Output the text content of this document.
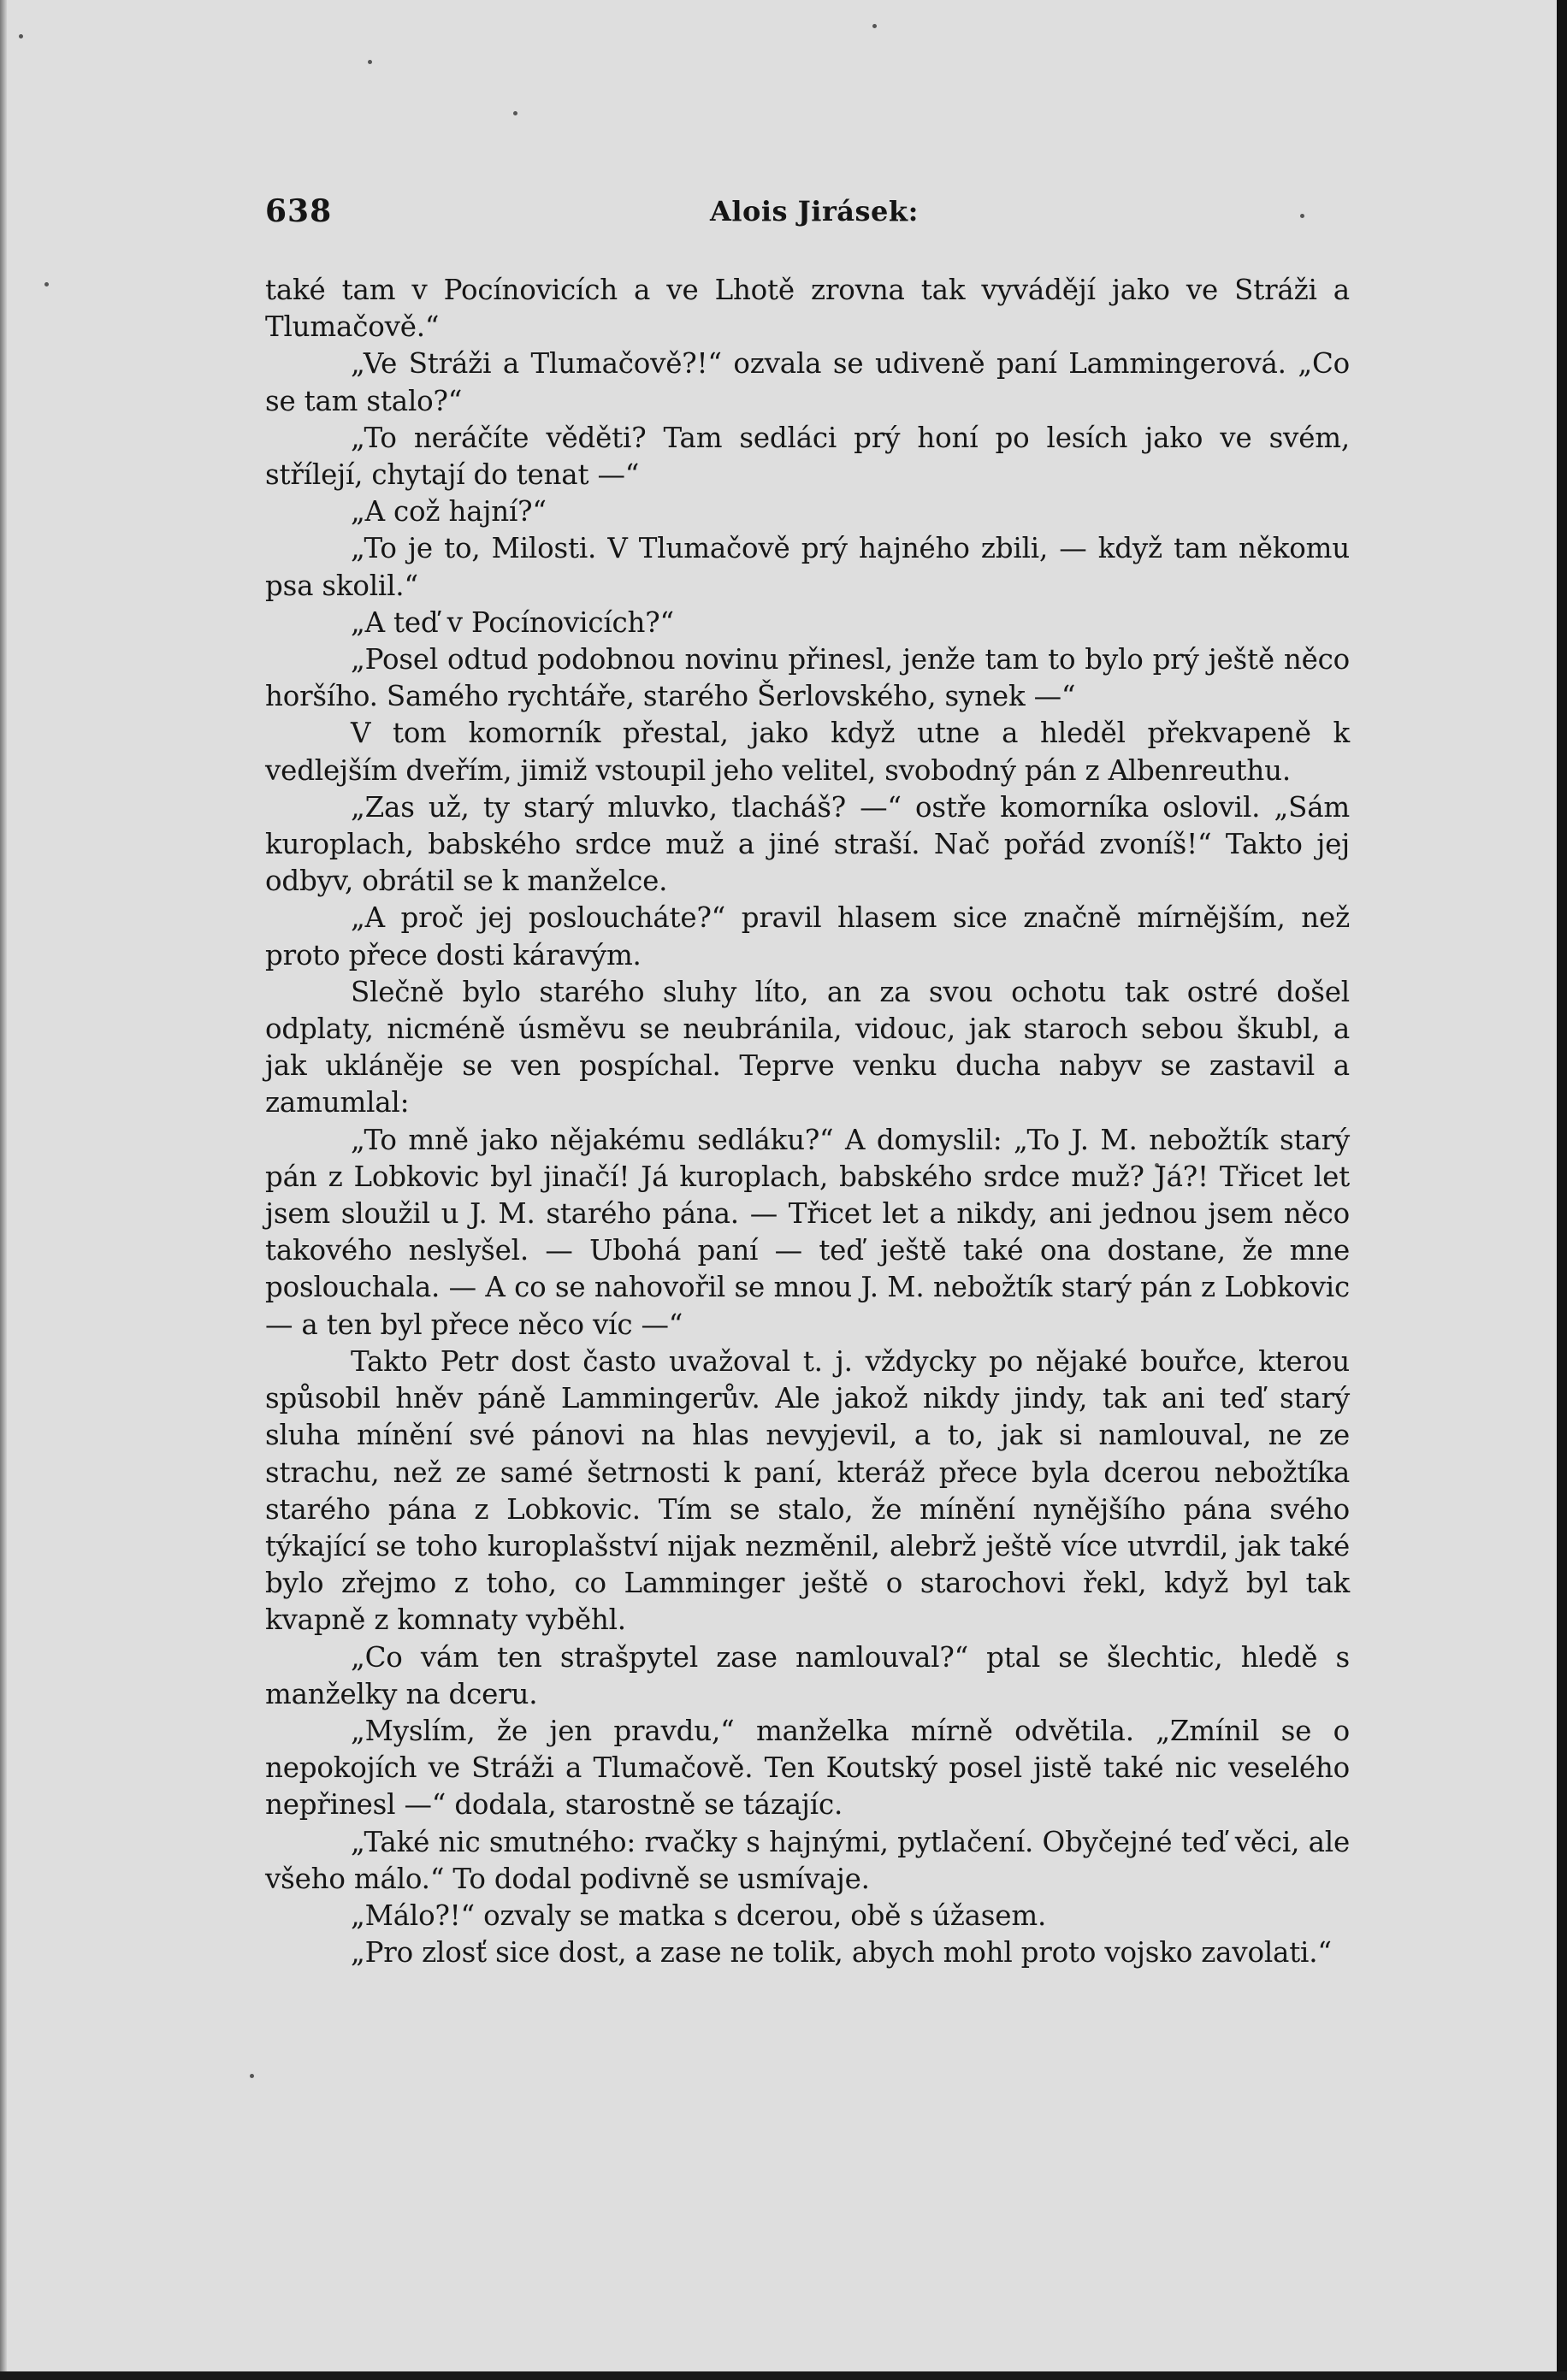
638	Alois Jirásek:

také tam v Pocínovicích a ve Lhotě zrovna tak vyvádějí jako ve Stráži a Tlumačově.“

„Ve Stráži a Tlumačově?!“ ozvala se udiveně paní Lammingerová. „Co se tam stalo?“

„To neráčíte věděti? Tam sedláci prý honí po lesích jako ve svém, střílejí, chytají do tenat —“

„A což hajní?“

„To je to, Milosti. V Tlumačově prý hajného zbili, — když tam někomu psa skolil.“

„A teď v Pocínovicích?“

„Posel odtud podobnou novinu přinesl, jenže tam to bylo prý ještě něco horšího. Samého rychtáře, starého Šerlovského, synek —“

V tom komorník přestal, jako když utne a hleděl překvapeně k vedlejším dveřím, jimiž vstoupil jeho velitel, svobodný pán z Albenreuthu.

„Zas už, ty starý mluvko, tlacháš? —“ ostře komorníka oslovil. „Sám kuroplach, babského srdce muž a jiné straší. Nač pořád zvoníš!“ Takto jej odbyv, obrátil se k manželce.

„A proč jej posloucháte?“ pravil hlasem sice značně mírnějším, než proto přece dosti káravým.

Slečně bylo starého sluhy líto, an za svou ochotu tak ostré došel odplaty, nicméně úsměvu se neubránila, vidouc, jak staroch sebou škubl, a jak ukláněje se ven pospíchal. Teprve venku ducha nabyv se zastavil a zamumlal:

„To mně jako nějakému sedláku?“ A domyslil: „To J. M. nebožtík starý pán z Lobkovic byl jinačí! Já kuroplach, babského srdce muž? Já?! Třicet let jsem sloužil u J. M. starého pána. — Třicet let a nikdy, ani jednou jsem něco takového neslyšel. — Ubohá paní — teď ještě také ona dostane, že mne poslouchala. — A co se nahovořil se mnou J. M. nebožtík starý pán z Lobkovic — a ten byl přece něco víc —“

Takto Petr dost často uvažoval t. j. vždycky po nějaké bouřce, kterou spůsobil hněv páně Lammingerův. Ale jakož nikdy jindy, tak ani teď starý sluha mínění své pánovi na hlas nevyjevil, a to, jak si namlouval, ne ze strachu, než ze samé šetrnosti k paní, kteráž přece byla dcerou nebožtíka starého pána z Lobkovic. Tím se stalo, že mínění nynějšího pána svého týkající se toho kuroplašství nijak nezměnil, alebrž ještě více utvrdil, jak také bylo zřejmo z toho, co Lamminger ještě o starochovi řekl, když byl tak kvapně z komnaty vyběhl.

„Co vám ten strašpytel zase namlouval?“ ptal se šlechtic, hledě s manželky na dceru.

„Myslím, že jen pravdu,“ manželka mírně odvětila. „Zmínil se o nepokojích ve Stráži a Tlumačově. Ten Koutský posel jistě také nic veselého nepřinesl —“ dodala, starostně se tázajíc.

„Také nic smutného: rvačky s hajnými, pytlačení. Obyčejné teď věci, ale všeho málo.“ To dodal podivně se usmívaje.

„Málo?!“ ozvaly se matka s dcerou, obě s úžasem.

„Pro zlosť sice dost, a zase ne tolik, abych mohl proto vojsko zavolati.“
